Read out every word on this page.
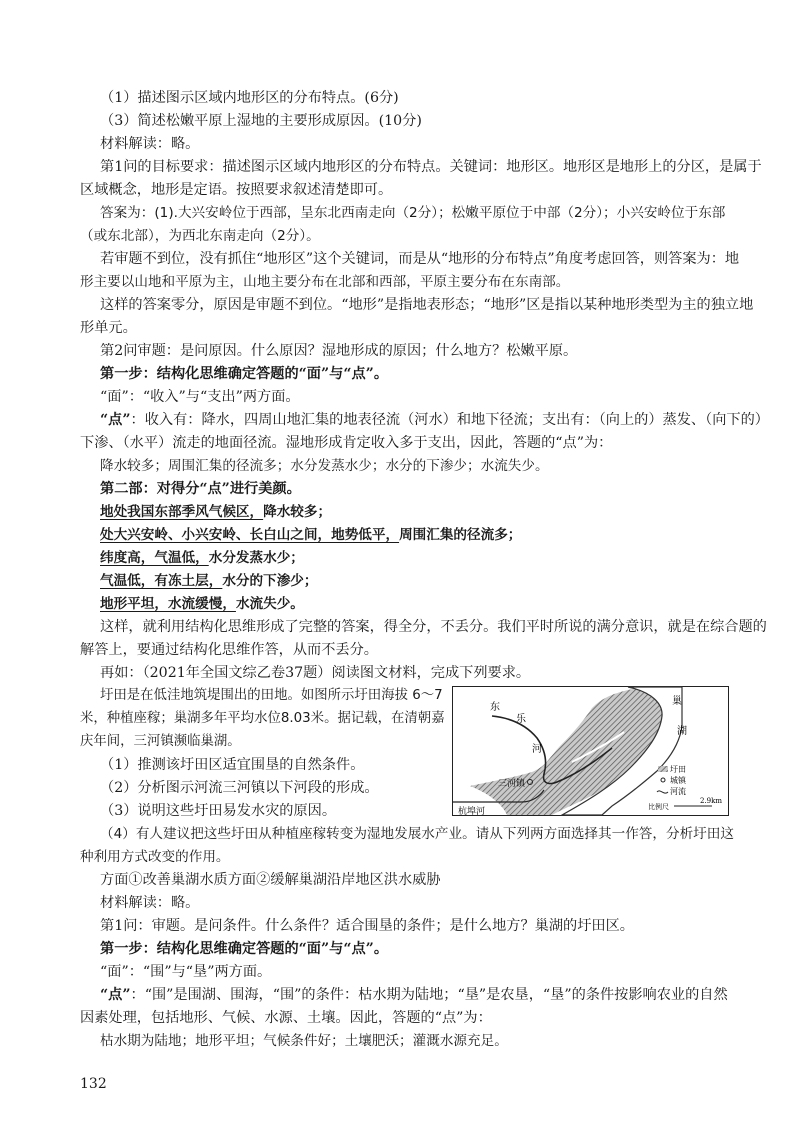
（1）描述图示区域内地形区的分布特点。(6分)
（3）简述松嫩平原上湿地的主要形成原因。(10分)
材料解读：略。
第1问的目标要求：描述图示区域内地形区的分布特点。关键词：地形区。地形区是地形上的分区，是属于
区域概念，地形是定语。按照要求叙述清楚即可。
答案为：(1).大兴安岭位于西部，呈东北西南走向（2分）；松嫩平原位于中部（2分）；小兴安岭位于东部
（或东北部），为西北东南走向（2分）。
若审题不到位，没有抓住“地形区”这个关键词，而是从“地形的分布特点”角度考虑回答，则答案为：地
形主要以山地和平原为主，山地主要分布在北部和西部，平原主要分布在东南部。
这样的答案零分，原因是审题不到位。“地形”是指地表形态；“地形”区是指以某种地形类型为主的独立地
形单元。
第2问审题：是问原因。什么原因？湿地形成的原因；什么地方？松嫩平原。
第一步：结构化思维确定答题的“面”与“点”。
“面”：“收入”与“支出”两方面。
“点”：收入有：降水，四周山地汇集的地表径流（河水）和地下径流；支出有：（向上的）蒸发、（向下的）
下渗、（水平）流走的地面径流。湿地形成肯定收入多于支出，因此，答题的“点”为：
降水较多；周围汇集的径流多；水分发蒸水少；水分的下渗少；水流失少。
第二部：对得分“点”进行美颜。
地处我国东部季风气候区，降水较多；
处大兴安岭、小兴安岭、长白山之间，地势低平，周围汇集的径流多；
纬度高，气温低，水分发蒸水少；
气温低，有冻土层，水分的下渗少；
地形平坦，水流缓慢，水流失少。
这样，就利用结构化思维形成了完整的答案，得全分，不丢分。我们平时所说的满分意识，就是在综合题的
解答上，要通过结构化思维作答，从而不丢分。
再如：（2021年全国文综乙卷37题）阅读图文材料，完成下列要求。
圩田是在低洼地筑堤围出的田地。如图所示圩田海拔 6～7
米，种植座稼；巢湖多年平均水位8.03米。据记载，在清朝嘉
庆年间，三河镇濒临巢湖。
（1）推测该圩田区适宜围垦的自然条件。
（2）分析图示河流三河镇以下河段的形成。
（3）说明这些圩田易发水灾的原因。
（4）有人建议把这些圩田从种植座稼转变为湿地发展水产业。请从下列两方面选择其一作答，分析圩田这
种利用方式改变的作用。
方面①改善巢湖水质方面②缓解巢湖沿岸地区洪水威胁
材料解读：略。
第1问：审题。是问条件。什么条件？适合围垦的条件；是什么地方？巢湖的圩田区。
第一步：结构化思维确定答题的“面”与“点”。
“面”：“围”与“垦”两方面。
“点”：“围”是围湖、围海，“围”的条件：枯水期为陆地；“垦”是农垦，“垦”的条件按影响农业的自然
因素处理，包括地形、气候、水源、土壤。因此，答题的“点”为：
枯水期为陆地；地形平坦；气候条件好；土壤肥沃；灌溉水源充足。
巢
湖
东
乐
河
三河镇
杭埠河
圩田
城镇
河流
比例尺
2.9km
132
